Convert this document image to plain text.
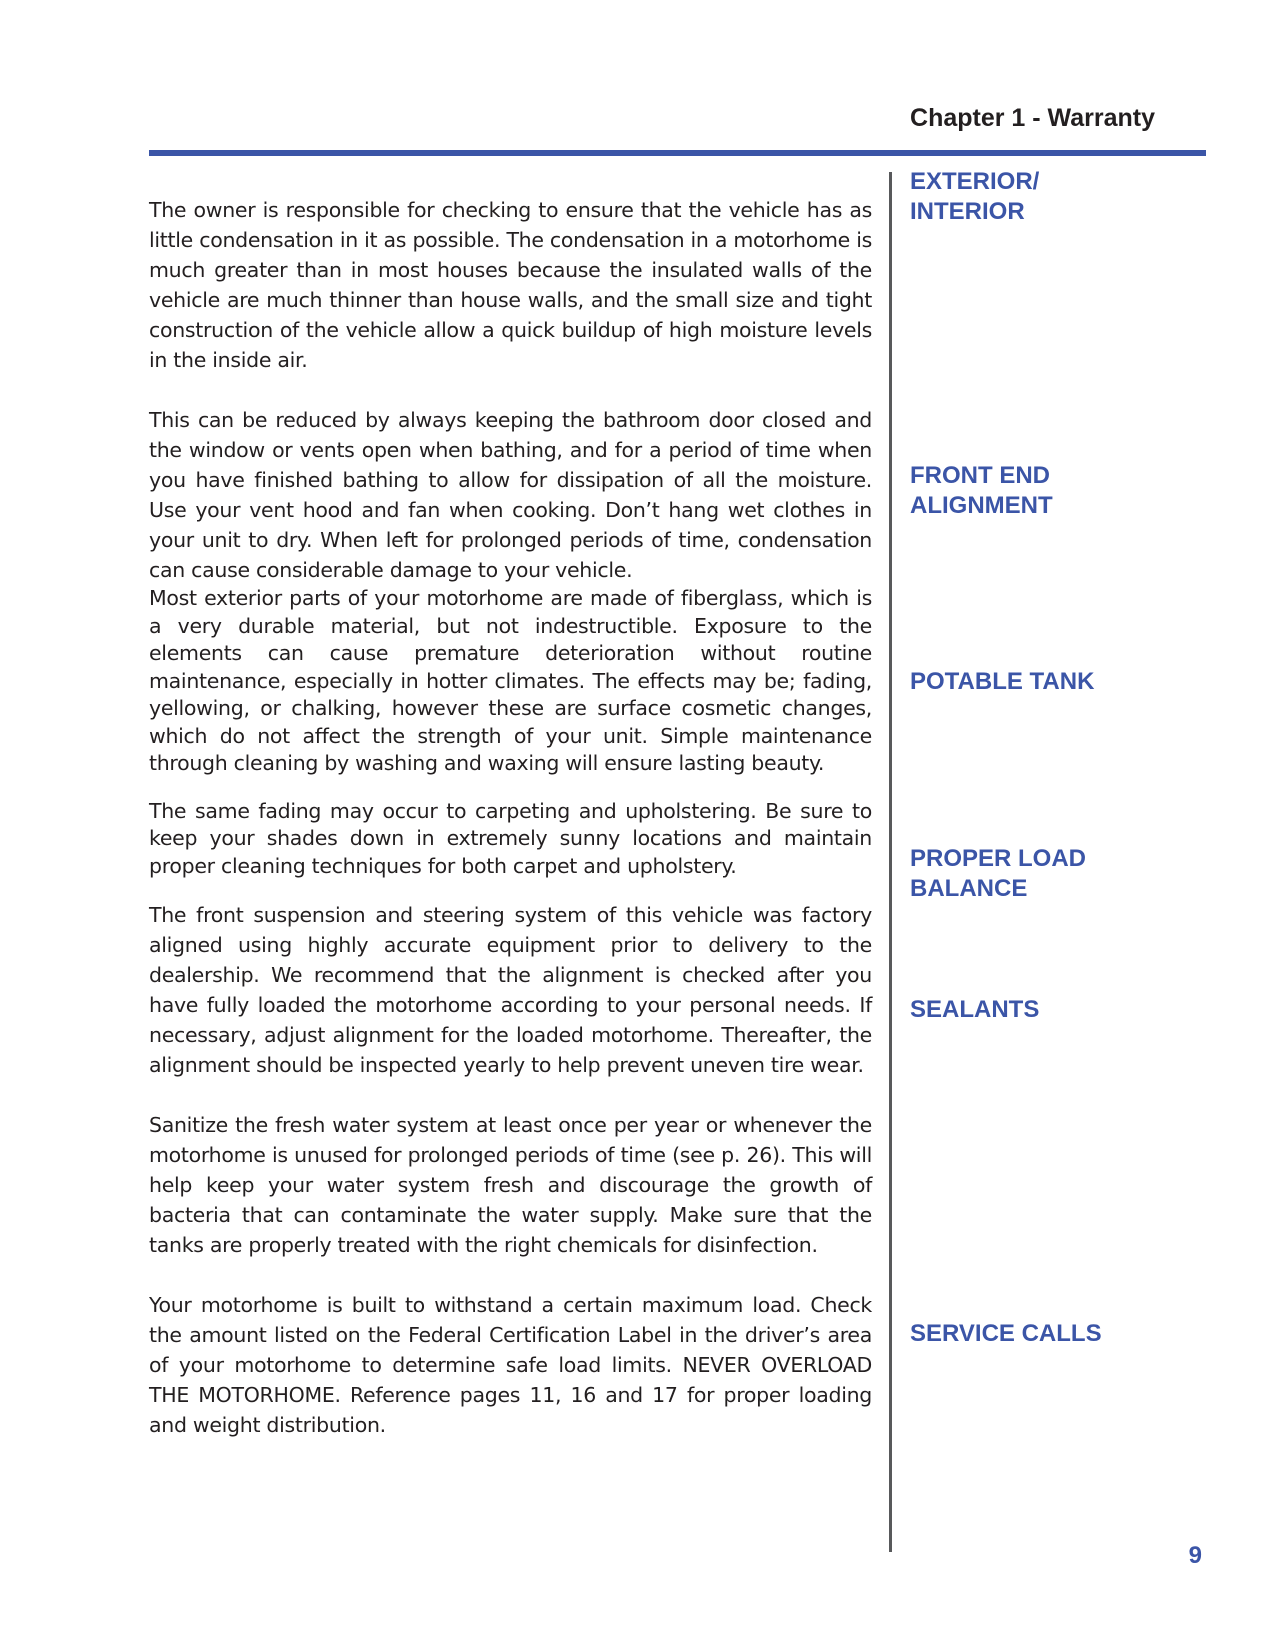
Chapter 1 - Warranty

The owner is responsible for checking to ensure that the vehicle has as little condensation in it as possible. The condensation in a motorhome is much greater than in most houses because the insulated walls of the vehicle are much thinner than house walls, and the small size and tight construction of the vehicle allow a quick buildup of high moisture levels in the inside air.

This can be reduced by always keeping the bathroom door closed and the window or vents open when bathing, and for a period of time when you have finished bathing to allow for dissipation of all the moisture. Use your vent hood and fan when cooking. Don’t hang wet clothes in your unit to dry. When left for prolonged periods of time, condensation can cause considerable damage to your vehicle.

Most exterior parts of your motorhome are made of fiberglass, which is a very durable material, but not indestructible. Exposure to the elements can cause premature deterioration without routine maintenance, especially in hotter climates. The effects may be; fading, yellowing, or chalking, however these are surface cosmetic changes, which do not affect the strength of your unit. Simple maintenance through cleaning by washing and waxing will ensure lasting beauty.

The same fading may occur to carpeting and upholstering. Be sure to keep your shades down in extremely sunny locations and maintain proper cleaning techniques for both carpet and upholstery.

The front suspension and steering system of this vehicle was factory aligned using highly accurate equipment prior to delivery to the dealership. We recommend that the alignment is checked after you have fully loaded the motorhome according to your personal needs. If necessary, adjust alignment for the loaded motorhome. Thereafter, the alignment should be inspected yearly to help prevent uneven tire wear.

Sanitize the fresh water system at least once per year or whenever the motorhome is unused for prolonged periods of time (see p. 26). This will help keep your water system fresh and discourage the growth of bacteria that can contaminate the water supply. Make sure that the tanks are properly treated with the right chemicals for disinfection.

Your motorhome is built to withstand a certain maximum load. Check the amount listed on the Federal Certification Label in the driver’s area of your motorhome to determine safe load limits. NEVER OVERLOAD THE MOTORHOME. Reference pages 11, 16 and 17 for proper loading and weight distribution.

EXTERIOR/
INTERIOR
FRONT END
ALIGNMENT
POTABLE TANK
PROPER LOAD
BALANCE
SEALANTS
SERVICE CALLS
9
